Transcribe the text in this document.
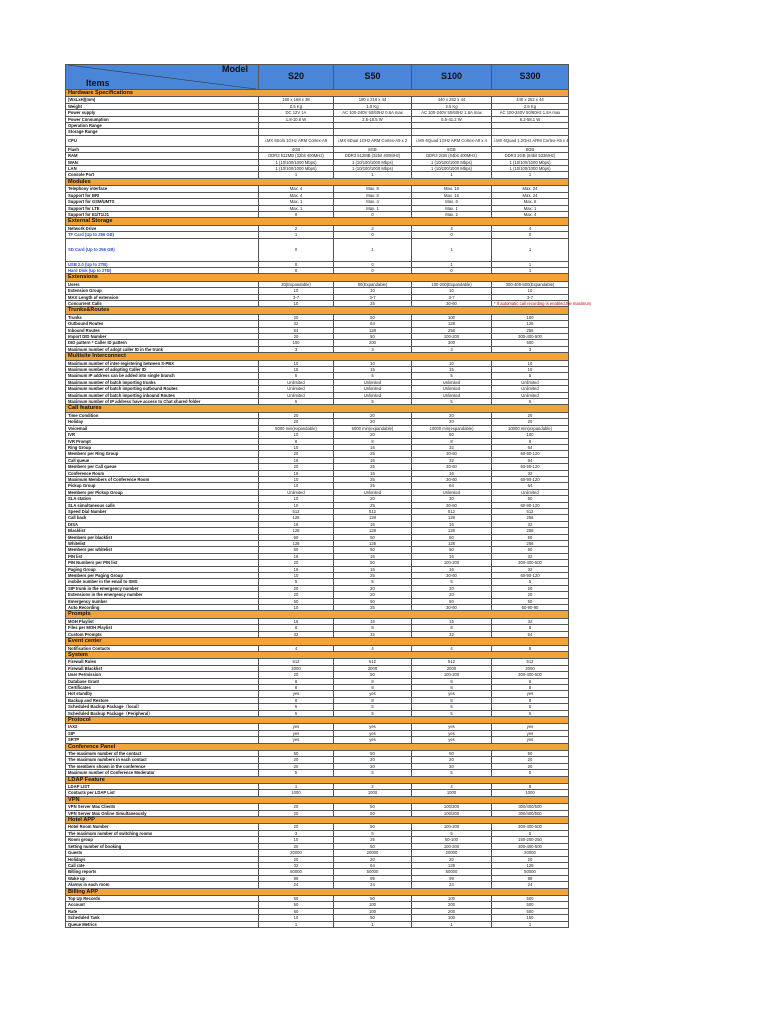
Items
Model	S20	S50	S100	S300
Hardware Specifications				
(WxLxH)(mm)	160 x 168 x 38	180 x 216 x 44	440 x 252 x 44	440 x 252 x 44
Weight	0.5 Kg	1.8 Kg	2.5 Kg	2.5 Kg
Power supply	DC 12V 1A	AC 100-240V 50/60Hz 0.6A max	AC 100-240V 50/60Hz 1.8A max	AC 100-240V 50/60Hz 1.8A max
Power Consumption	1.8-10.6 W	2.5-18.5 W	5.5-41.2 W	6.2-58.1 W
Operation Range				
Storage Range				
CPU	i.MX 6Solo 1GHz ARM Cortex-A9	i.MX 6Dual 1GHz ARM Cortex-A9 x 2	i.MX 6Quad 1GHz ARM Cortex-A9 x 4	i.MX 6Quad 1.2GHz ARM Cortex-A9 x 4
Flash	4GB	8GB	8GB	8GB
RAM	DDR3 512MB (32bit 400MHz)	DDR3 512MB (32bit 400MHz)	DDR3 2GB (64bit 400MHz)	DDR3 2GB (64bit 533MHz)
WAN	1 (10/100/1000 Mbps)	1 (10/100/1000 Mbps)	1 (10/100/1000 Mbps)	1 (10/100/1000 Mbps)
LAN	1 (10/100/1000 Mbps)	1 (10/100/1000 Mbps)	1 (10/100/1000 Mbps)	1 (10/100/1000 Mbps)
Console Port	1	1	1	1
Modules				
Telephony interface	Max. 4	Max. 8	Max. 16	Max. 24
Support for BRI	Max. 4	Max. 8	Max. 16	Max. 24
Support for GSM/UMTS	Max. 1	Max. 4	Max. 6	Max. 6
Support for LTE	Max. 1	Max. 1	Max. 1	Max. 1
Support for E1/T1/J1	0	0	Max. 2	Max. 4
External Storage				
Network Drive	2	2	4	4
TF Card (Up to 256 GB)	1	0	0	0
SD Card (Up to 256 GB)	0	1	1	1
USB 2.0 (Up to 2TB)	0	0	1	1
Hard Disk (Up to 2TB)	0	0	0	1
Extensions				
Users	20(Expandable)	50(Expandable)	100-200(Expandable)	300-400-500(Expandable)
Extension Group	10	10	10	10
MAX Length of extension	3-7	3-7	3-7	3-7
Concurrent Calls	10	25	30-60	* If automatic call recording is enabled,the maximum
Trunks&Routes				
Trunks	20	50	100	100
Outbound Routes	32	64	128	128
Inbound Routes	64	128	256	256
Import DID Number	20	50	100-200	300-400-500
DID pattern * Caller ID pattern	100	200	300	500
Maximum number of adopt caller ID in the trunk	3	3	3	3
Multisite Interconnect				
Maximum number of inter-registering between S-PBX	10	10	10	10
Maximum number of adopting Caller ID	15	15	15	15
Maximum IP address can be added into single branch	5	5	5	5
Maximum number of batch importing trunks	Unlimited	Unlimited	Unlimited	Unlimited
Maximum number of batch importing outbound Routes	Unlimited	Unlimited	Unlimited	Unlimited
Maximum number of batch importing inbound Routes	Unlimited	Unlimited	Unlimited	Unlimited
Maximum number of IP address have access to Chat shared folder	5	5	5	5
Call features				
Time Condition	20	20	20	20
Holiday	20	20	20	20
Voicemail	5000 min(expandable)	5000 min(expandable)	10000 min(expandable)	10000 min(expandable)
IVR	10	20	50	100
IVR Prompt	8	8	8	8
Ring Group	10	16	32	64
Members per Ring Group	20	25	30-60	60-90-120
Call queue	16	16	32	64
Members per Call queue	20	25	30-60	60-90-120
Conference Room	16	16	16	32
Maximum Members of Conference Room	10	25	30-60	60-90-120
Pickup Group	10	25	64	64
Members per Pickup Group	Unlimited	Unlimited	Unlimited	Unlimited
SLA station	10	20	30	50
SLA simultaneous calls	10	25	30-60	60-90-120
Speed Dial Number	512	512	512	512
Call back	128	128	128	256
DISA	16	16	16	32
Blacklist	128	128	128	256
Members per blacklist	50	50	50	50
Whitelist	128	128	128	256
Members per whitelist	50	50	50	50
PIN list	16	16	16	32
PIN Numbers per PIN list	20	50	100-200	300-400-500
Paging Group	16	16	16	32
Members per Paging Group	10	25	30-60	60-90-120
mobile number in the email to SMS	5	5	5	5
SIP trunk in the emergency number	20	20	20	20
Extensions in the emergency number	20	20	20	20
Emergency number	50	50	50	50
Auto Recording	10	25	30-60	60-90-90
Prompts				
MOH Playlist	16	16	16	32
Files per MOH Playlist	8	8	8	8
Custom Prompts	32	32	32	64
Event center				
Notification Contacts	4	4	4	8
System				
Firewall Rules	512	512	512	512
Firewall Blacklist	2000	2000	2000	2000
User Permission	20	50	100-200	300-400-500
Database Grant	8	8	8	8
Certificates	8	8	8	8
Hot standby	yes	yes	yes	yes
Backup and Restore	8	8	8	8
Scheduled Backup Package（local）	5	5	5	5
Scheduled Backup Package（Peripheral）	5	5	5	5
Protocol				
IAX2	yes	yes	yes	yes
SIP	yes	yes	yes	yes
SRTP	yes	yes	yes	yes
Conference Panel				
The maximum number of the contact	50	50	50	50
The maximum numbers in each contact	20	20	20	20
The members shown in the conference	20	20	20	20
Maximum number of Conference Moderator	5	5	5	5
LDAP Feature				
LDAP LIST	1	2	4	8
Contacts per LDAP List	1000	1000	1000	1000
VPN				
VPN Server Max Clients	20	50	100/200	300/400/500
VPN Server Max Online Simultaneously	20	50	100/200	300/400/500
Hotel APP				
Hotel Room Number	20	50	100-200	300-400-500
The maximum number of switching rooms	3	5	5	5
Room group	10	25	50-100	150-200-250
Setting number of booking	20	50	100-200	300-400-500
Guests	20000	20000	20000	20000
Holidays	20	20	20	20
Call rate	32	64	128	128
Billing reports	50000	50000	50000	50000
Wake up	99	99	99	99
Alarms in each room	24	24	24	24
Billing APP				
Top Up Records	50	50	100	500
Account	50	100	200	500
Rate	50	100	200	500
Scheduled Task	10	50	100	150
Queue Metrics	1	1	1	1
